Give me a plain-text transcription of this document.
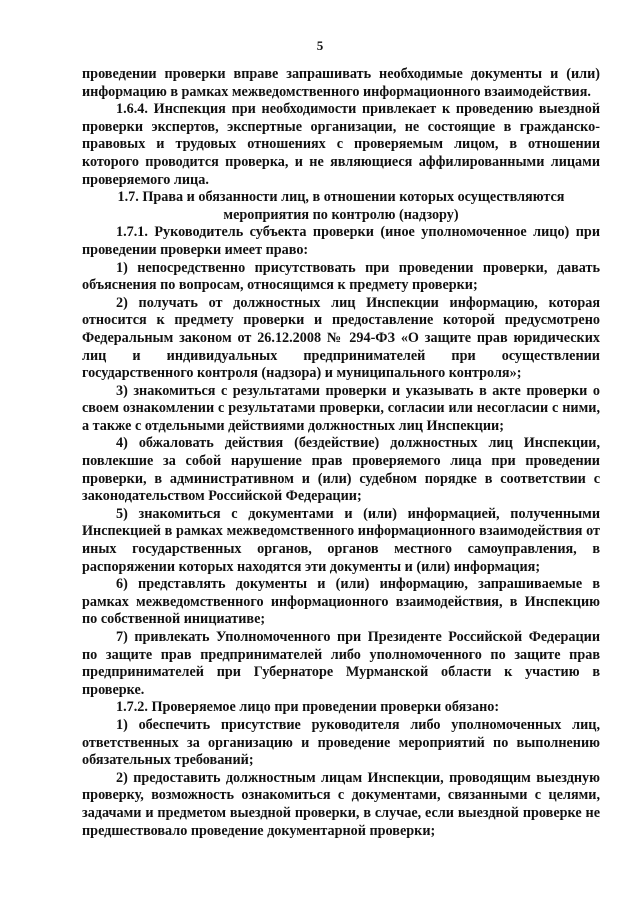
5

проведении проверки вправе запрашивать необходимые документы и (или) информацию в рамках межведомственного информационного взаимодействия.

1.6.4. Инспекция при необходимости привлекает к проведению выездной проверки экспертов, экспертные организации, не состоящие в гражданско-правовых и трудовых отношениях с проверяемым лицом, в отношении которого проводится проверка, и не являющиеся аффилированными лицами проверяемого лица.

1.7. Права и обязанности лиц, в отношении которых осуществляются мероприятия по контролю (надзору)

1.7.1. Руководитель субъекта проверки (иное уполномоченное лицо) при проведении проверки имеет право:

1) непосредственно присутствовать при проведении проверки, давать объяснения по вопросам, относящимся к предмету проверки;

2) получать от должностных лиц Инспекции информацию, которая относится к предмету проверки и предоставление которой предусмотрено Федеральным законом от 26.12.2008 № 294-ФЗ «О защите прав юридических лиц и индивидуальных предпринимателей при осуществлении государственного контроля (надзора) и муниципального контроля»;

3) знакомиться с результатами проверки и указывать в акте проверки о своем ознакомлении с результатами проверки, согласии или несогласии с ними, а также с отдельными действиями должностных лиц Инспекции;

4) обжаловать действия (бездействие) должностных лиц Инспекции, повлекшие за собой нарушение прав проверяемого лица при проведении проверки, в административном и (или) судебном порядке в соответствии с законодательством Российской Федерации;

5) знакомиться с документами и (или) информацией, полученными Инспекцией в рамках межведомственного информационного взаимодействия от иных государственных органов, органов местного самоуправления, в распоряжении которых находятся эти документы и (или) информация;

6) представлять документы и (или) информацию, запрашиваемые в рамках межведомственного информационного взаимодействия, в Инспекцию по собственной инициативе;

7) привлекать Уполномоченного при Президенте Российской Федерации по защите прав предпринимателей либо уполномоченного по защите прав предпринимателей при Губернаторе Мурманской области к участию в проверке.

1.7.2. Проверяемое лицо при проведении проверки обязано:

1) обеспечить присутствие руководителя либо уполномоченных лиц, ответственных за организацию и проведение мероприятий по выполнению обязательных требований;

2) предоставить должностным лицам Инспекции, проводящим выездную проверку, возможность ознакомиться с документами, связанными с целями, задачами и предметом выездной проверки, в случае, если выездной проверке не предшествовало проведение документарной проверки;
